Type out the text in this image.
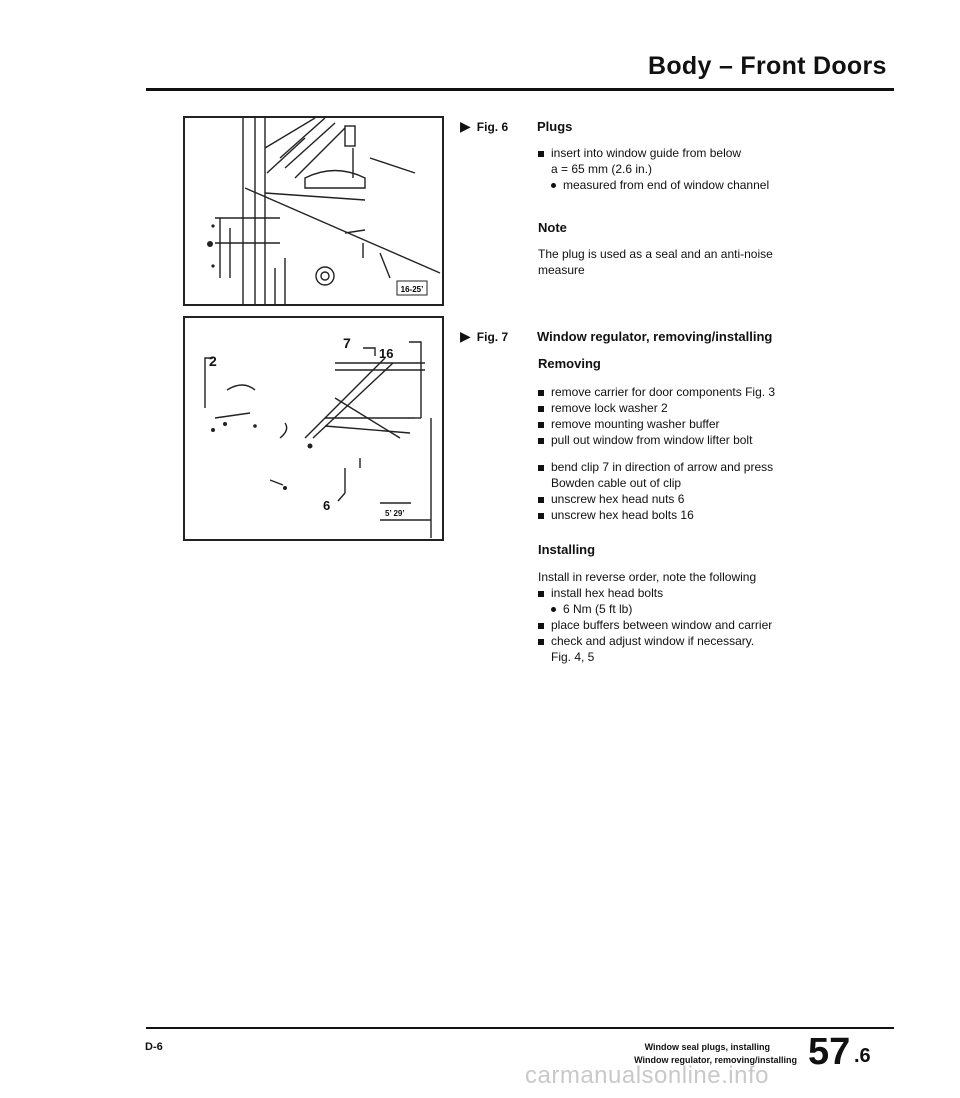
Body – Front Doors
16-25’
2
7
16
6
5’ 29’
▶ Fig. 6 Plugs
insert into window guide from below
a = 65 mm (2.6 in.)
measured from end of window channel
Note
The plug is used as a seal and an anti-noise
measure
▶ Fig. 7 Window regulator, removing/installing
Removing
remove carrier for door components Fig. 3
remove lock washer 2
remove mounting washer buffer
pull out window from window lifter bolt
bend clip 7 in direction of arrow and press
Bowden cable out of clip
unscrew hex head nuts 6
unscrew hex head bolts 16
Installing
Install in reverse order, note the following
install hex head bolts
6 Nm (5 ft lb)
place buffers between window and carrier
check and adjust window if necessary.
Fig. 4, 5
D-6	Window seal plugs, installing
Window regulator, removing/installing 57 .6
carmanualsonline.info
